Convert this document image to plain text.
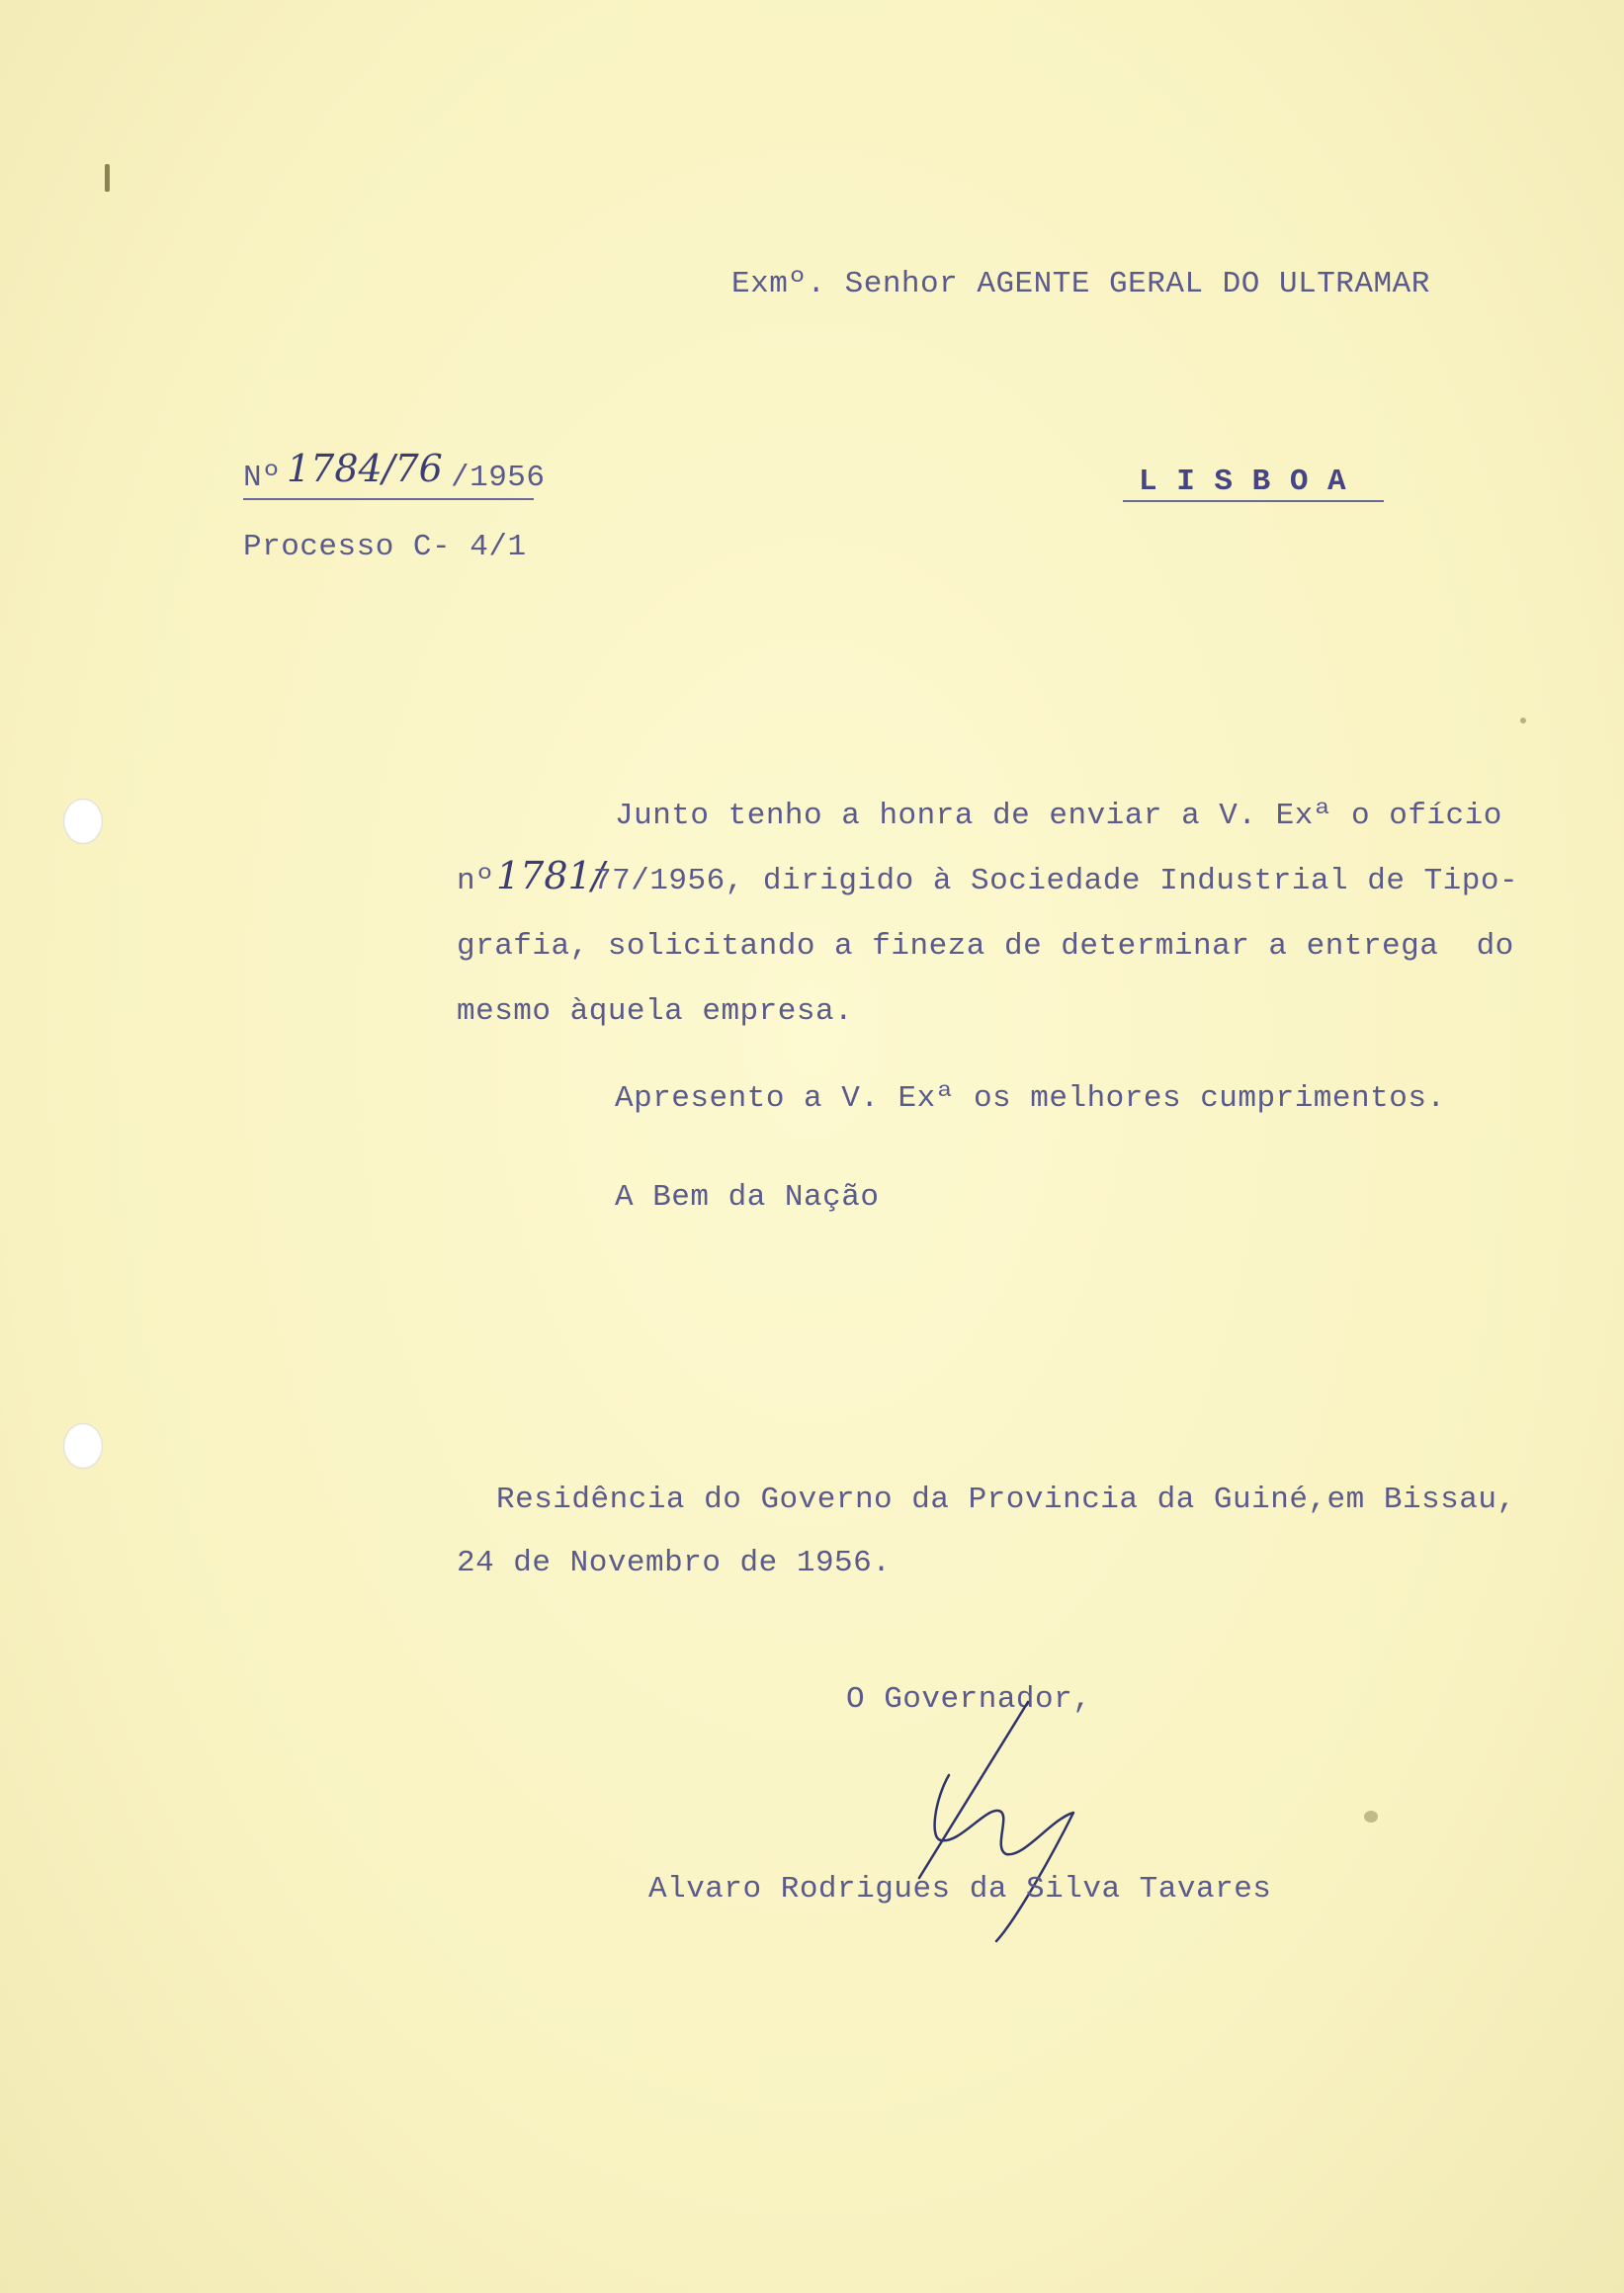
Exmº. Senhor AGENTE GERAL DO ULTRAMAR
Nº 1784/76 /1956
Processo C- 4/1
L I S B O A
Junto tenho a honra de enviar a V. Exª o ofício
nº 1781/
77/1956, dirigido à Sociedade Industrial de Tipo-
grafia, solicitando a fineza de determinar a entrega  do
mesmo àquela empresa.
Apresento a V. Exª os melhores cumprimentos.
A Bem da Nação
Residência do Governo da Provincia da Guiné,em Bissau,
24 de Novembro de 1956.
O Governador,
Alvaro Rodrigues da Silva Tavares
